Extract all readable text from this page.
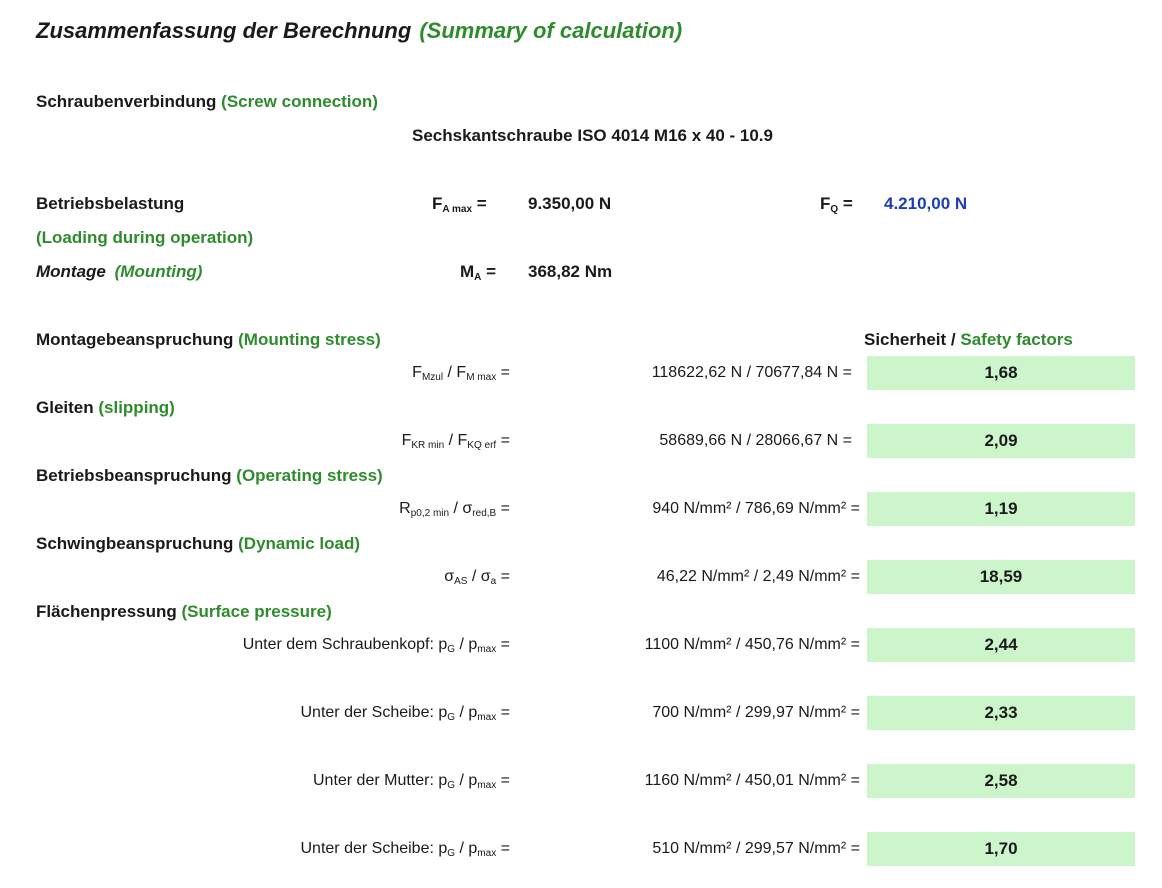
Zusammenfassung der Berechnung (Summary of calculation)
Schraubenverbindung (Screw connection)
Sechskantschraube ISO 4014 M16 x 40 - 10.9
Betriebsbelastung
(Loading during operation)
$F_{A max} = 9.350,00$ N	$F_Q = 4.210,00$ N
Montage (Mounting)	$M_A = 368,82$ Nm
Montagebeanspruchung (Mounting stress)	Sicherheit / Safety factors
$F_{Mzul} / F_{M max}$ =	118622,62 N / 70677,84 N =	1,68
Gleiten (slipping)
$F_{KR min} / F_{KQ erf}$ =	58689,66 N / 28066,67 N =	2,09
Betriebsbeanspruchung (Operating stress)
$R_{p0,2 min} / \sigma_{red,B}$ =	940 N/mm² / 786,69 N/mm² =	1,19
Schwingbeanspruchung (Dynamic load)
$\sigma_{AS} / \sigma_a$ =	46,22 N/mm² / 2,49 N/mm² =	18,59
Flächenpressung (Surface pressure)
Unter dem Schraubenkopf: $p_G / p_{max}$ =	1100 N/mm² / 450,76 N/mm² =	2,44
Unter der Scheibe: $p_G / p_{max}$ =	700 N/mm² / 299,97 N/mm² =	2,33
Unter der Mutter: $p_G / p_{max}$ =	1160 N/mm² / 450,01 N/mm² =	2,58
Unter der Scheibe: $p_G / p_{max}$ =	510 N/mm² / 299,57 N/mm² =	1,70
